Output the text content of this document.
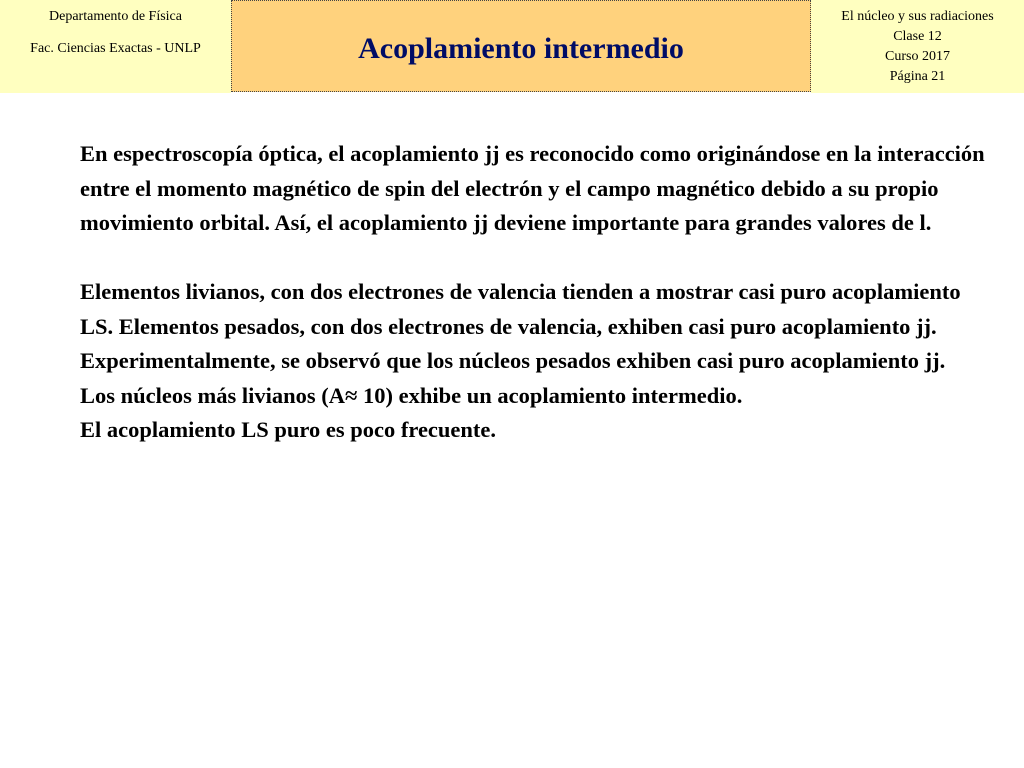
Departamento de Física
Fac. Ciencias Exactas - UNLP	Acoplamiento intermedio
El núcleo y sus radiaciones
Clase 12
Curso 2017
Página 21

En espectroscopía óptica, el acoplamiento jj es reconocido como originándose en la interacción entre el momento magnético de spin del electrón y el campo magnético debido a su propio movimiento orbital. Así, el acoplamiento jj deviene importante para grandes valores de l.

Elementos livianos, con dos electrones de valencia tienden a mostrar casi puro acoplamiento LS. Elementos pesados, con dos electrones de valencia, exhiben casi puro acoplamiento jj.

Experimentalmente, se observó que los núcleos pesados exhiben casi puro acoplamiento jj.

Los núcleos más livianos (A≈ 10) exhibe un acoplamiento intermedio.

El acoplamiento LS puro es poco frecuente.
